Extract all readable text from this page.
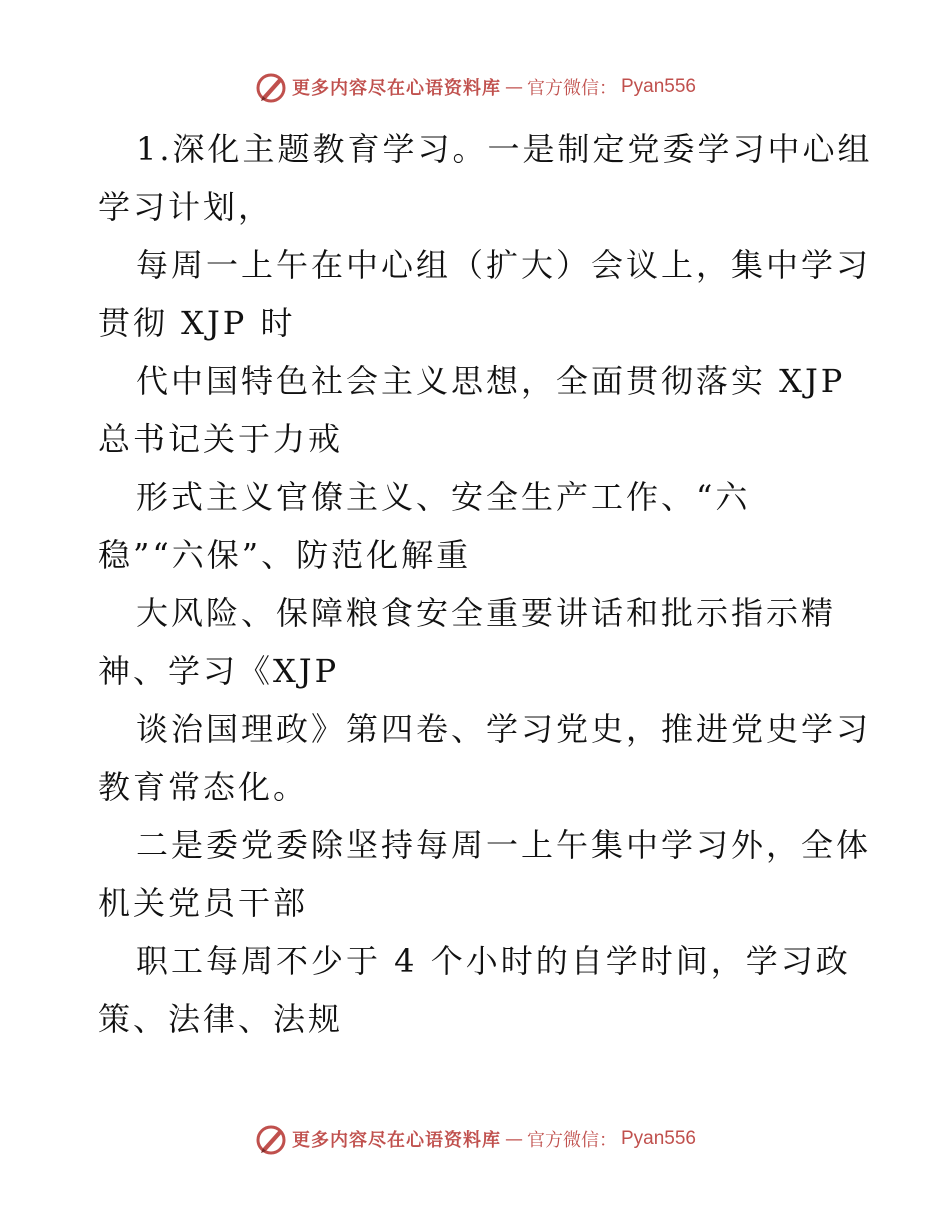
更多内容尽在心语资料库 — 官方微信： Pyan556
1.深化主题教育学习。一是制定党委学习中心组
学习计划，
每周一上午在中心组（扩大）会议上，集中学习
贯彻 XJP 时
代中国特色社会主义思想，全面贯彻落实 XJP
总书记关于力戒
形式主义官僚主义、安全生产工作、“六
稳”“六保”、防范化解重
大风险、保障粮食安全重要讲话和批示指示精
神、学习《XJP
谈治国理政》第四卷、学习党史，推进党史学习
教育常态化。
二是委党委除坚持每周一上午集中学习外，全体
机关党员干部
职工每周不少于 4 个小时的自学时间，学习政
策、法律、法规
更多内容尽在心语资料库 — 官方微信： Pyan556
